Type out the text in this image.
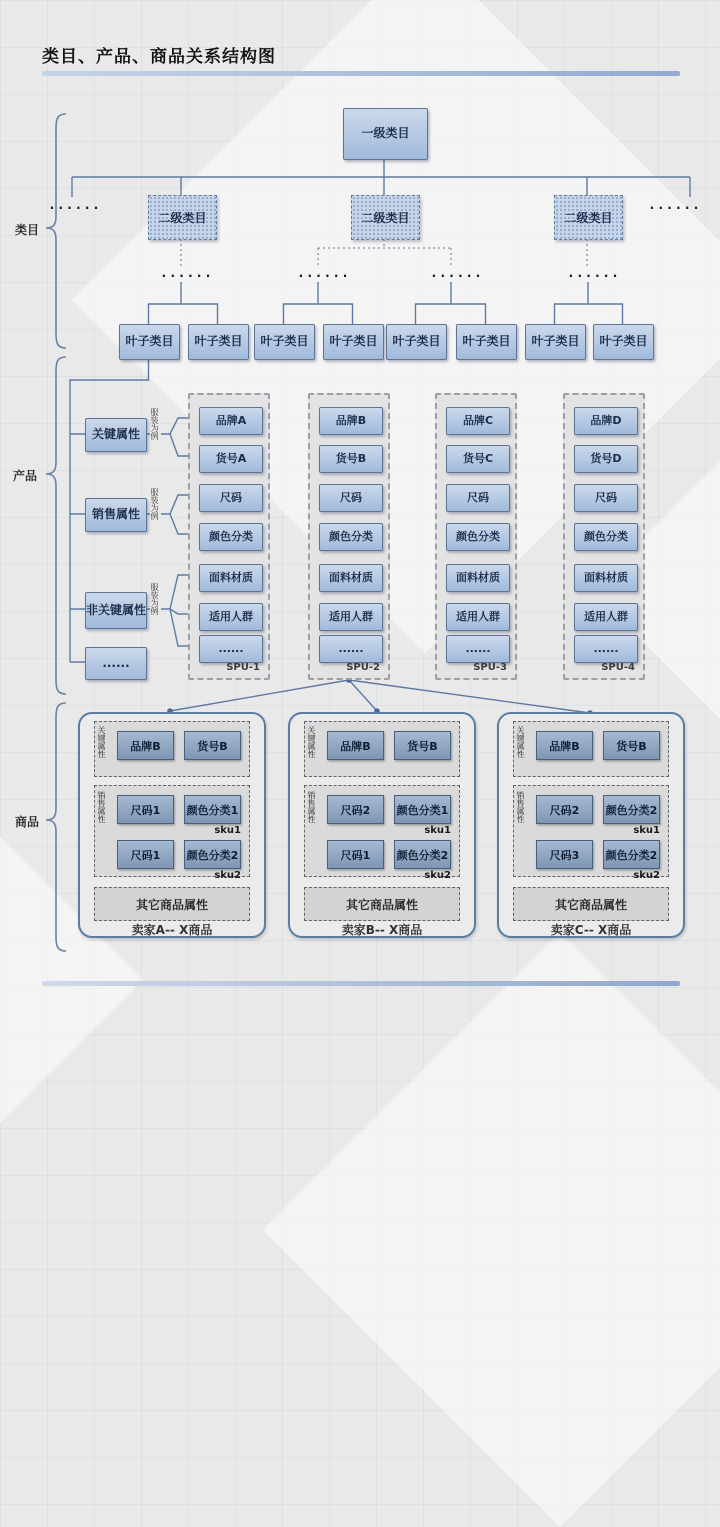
类目、产品、商品关系结构图
类目
产品
商品
一级类目
二级类目	二级类目	二级类目
......	......
......	......	......	......
叶子类目	叶子类目	叶子类目	叶子类目	叶子类目	叶子类目	叶子类目	叶子类目
关键属性
销售属性
非关键属性
......
服装为例
服装为例
服装为例
品牌A
货号A
尺码
颜色分类
面料材质
适用人群
......
SPU-1
品牌B
货号B
尺码
颜色分类
面料材质
适用人群
......
SPU-2
品牌C
货号C
尺码
颜色分类
面料材质
适用人群
......
SPU-3
品牌D
货号D
尺码
颜色分类
面料材质
适用人群
......
SPU-4
关键属性	品牌B	货号B
销售属性	尺码1	颜色分类1
sku1
尺码1	颜色分类2
sku2
其它商品属性
卖家A-- X商品
关键属性	品牌B	货号B
销售属性	尺码2	颜色分类1
sku1
尺码1	颜色分类2
sku2
其它商品属性
卖家B-- X商品
关键属性	品牌B	货号B
销售属性	尺码2	颜色分类2
sku1
尺码3	颜色分类2
sku2
其它商品属性
卖家C-- X商品
